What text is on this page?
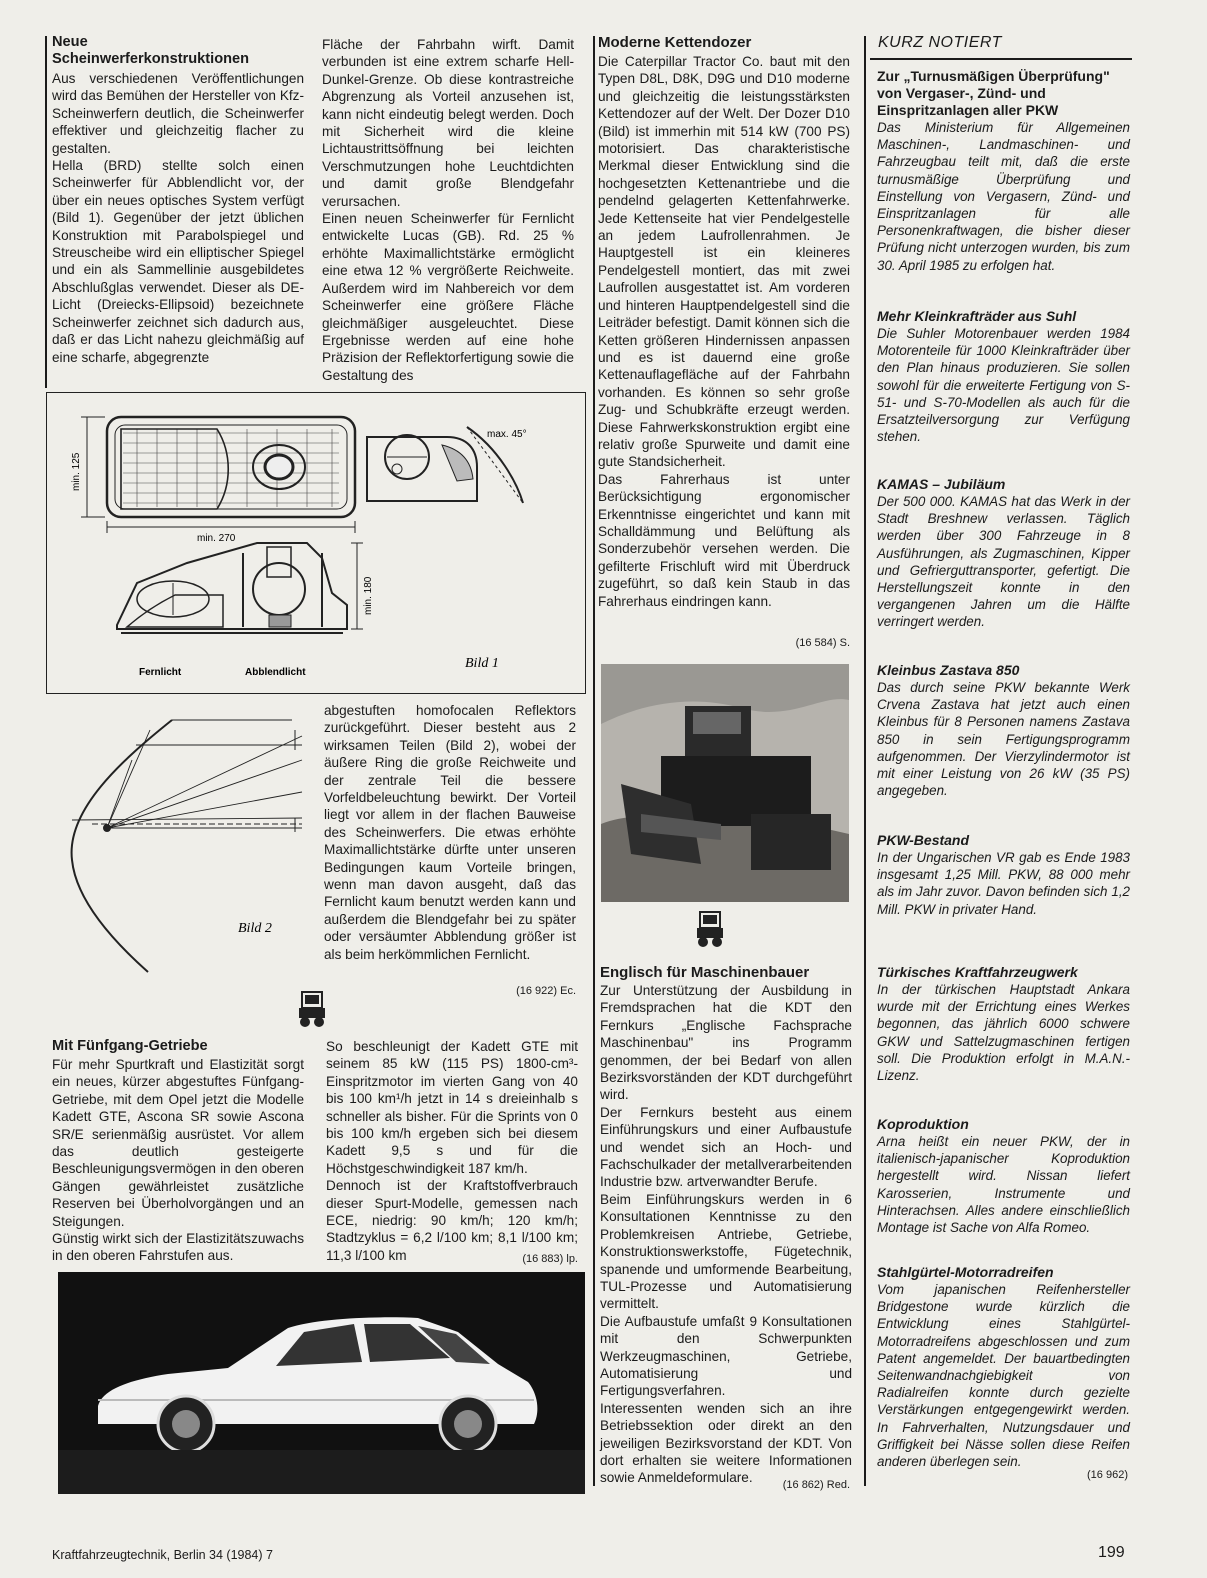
Neue
Scheinwerferkonstruktionen

Aus verschiedenen Veröffentlichungen wird das Bemühen der Hersteller von Kfz-Scheinwerfern deutlich, die Scheinwerfer effektiver und gleichzeitig flacher zu gestalten.
Hella (BRD) stellte solch einen Scheinwerfer für Abblendlicht vor, der über ein neues optisches System verfügt (Bild 1). Gegenüber der jetzt üblichen Konstruktion mit Parabolspiegel und Streuscheibe wird ein elliptischer Spiegel und ein als Sammellinie ausgebildetes Abschlußglas verwendet. Dieser als DE-Licht (Dreiecks-Ellipsoid) bezeichnete Scheinwerfer zeichnet sich dadurch aus, daß er das Licht nahezu gleichmäßig auf eine scharfe, abgegrenzte

Fläche der Fahrbahn wirft. Damit verbunden ist eine extrem scharfe Hell-Dunkel-Grenze. Ob diese kontrastreiche Abgrenzung als Vorteil anzusehen ist, kann nicht eindeutig belegt werden. Doch mit Sicherheit wird die kleine Lichtaustrittsöffnung bei leichten Verschmutzungen hohe Leuchtdichten und damit große Blendgefahr verursachen.
Einen neuen Scheinwerfer für Fernlicht entwickelte Lucas (GB). Rd. 25 % erhöhte Maximallichtstärke ermöglicht eine etwa 12 % vergrößerte Reichweite. Außerdem wird im Nahbereich vor dem Scheinwerfer eine größere Fläche gleichmäßiger ausgeleuchtet. Diese Ergebnisse werden auf eine hohe Präzision der Reflektorfertigung sowie die Gestaltung des

min. 125
min. 270
max. 45°
min. 180
Fernlicht	Abblendlicht
Bild 1
Bild 2

abgestuften homofocalen Reflektors zurückgeführt. Dieser besteht aus 2 wirksamen Teilen (Bild 2), wobei der äußere Ring die große Reichweite und der zentrale Teil die bessere Vorfeldbeleuchtung bewirkt. Der Vorteil liegt vor allem in der flachen Bauweise des Scheinwerfers. Die etwas erhöhte Maximallichtstärke dürfte unter unseren Bedingungen kaum Vorteile bringen, wenn man davon ausgeht, daß das Fernlicht kaum benutzt werden kann und außerdem die Blendgefahr bei zu später oder versäumter Abblendung größer ist als beim herkömmlichen Fernlicht.

(16 922) Ec.
Mit Fünfgang-Getriebe

Für mehr Spurtkraft und Elastizität sorgt ein neues, kürzer abgestuftes Fünfgang-Getriebe, mit dem Opel jetzt die Modelle Kadett GTE, Ascona SR sowie Ascona SR/E serienmäßig ausrüstet. Vor allem das deutlich gesteigerte Beschleunigungsvermögen in den oberen Gängen gewährleistet zusätzliche Reserven bei Überholvorgängen und an Steigungen.
Günstig wirkt sich der Elastizitätszuwachs in den oberen Fahrstufen aus.

So beschleunigt der Kadett GTE mit seinem 85 kW (115 PS) 1800-cm³-Einspritzmotor im vierten Gang von 40 bis 100 km¹/h jetzt in 14 s dreieinhalb s schneller als bisher. Für die Sprints von 0 bis 100 km/h ergeben sich bei diesem Kadett 9,5 s und für die Höchstgeschwindigkeit 187 km/h.
Dennoch ist der Kraftstoffverbrauch dieser Spurt-Modelle, gemessen nach ECE, niedrig: 90 km/h; 120 km/h; Stadtzyklus = 6,2 l/100 km; 8,1 l/100 km; 11,3 l/100 km	(16 883) lp.
Moderne Kettendozer

Die Caterpillar Tractor Co. baut mit den Typen D8L, D8K, D9G und D10 moderne und gleichzeitig die leistungsstärksten Kettendozer auf der Welt. Der Dozer D10 (Bild) ist immerhin mit 514 kW (700 PS) motorisiert. Das charakteristische Merkmal dieser Entwicklung sind die hochgesetzten Kettenantriebe und die pendelnd gelagerten Kettenfahrwerke. Jede Kettenseite hat vier Pendelgestelle an jedem Laufrollenrahmen. Je Hauptgestell ist ein kleineres Pendelgestell montiert, das mit zwei Laufrollen ausgestattet ist. Am vorderen und hinteren Hauptpendelgestell sind die Leiträder befestigt. Damit können sich die Ketten größeren Hindernissen anpassen und es ist dauernd eine große Kettenauflagefläche auf der Fahrbahn vorhanden. Es können so sehr große Zug- und Schubkräfte erzeugt werden. Diese Fahrwerkskonstruktion ergibt eine relativ große Spurweite und damit eine gute Standsicherheit.
Das Fahrerhaus ist unter Berücksichtigung ergonomischer Erkenntnisse eingerichtet und kann mit Schalldämmung und Belüftung als Sonderzubehör versehen werden. Die gefilterte Frischluft wird mit Überdruck zugeführt, so daß kein Staub in das Fahrerhaus eindringen kann.

(16 584) S.
Englisch für Maschinenbauer

Zur Unterstützung der Ausbildung in Fremdsprachen hat die KDT den Fernkurs „Englische Fachsprache Maschinenbau" ins Programm genommen, der bei Bedarf von allen Bezirksvorständen der KDT durchgeführt wird.
Der Fernkurs besteht aus einem Einführungskurs und einer Aufbaustufe und wendet sich an Hoch- und Fachschulkader der metallverarbeitenden Industrie bzw. artverwandter Berufe.
Beim Einführungskurs werden in 6 Konsultationen Kenntnisse zu den Problemkreisen Antriebe, Getriebe, Konstruktionswerkstoffe, Fügetechnik, spanende und umformende Bearbeitung, TUL-Prozesse und Automatisierung vermittelt.
Die Aufbaustufe umfaßt 9 Konsultationen mit den Schwerpunkten Werkzeugmaschinen, Getriebe, Automatisierung und Fertigungsverfahren.
Interessenten wenden sich an ihre Betriebssektion oder direkt an den jeweiligen Bezirksvorstand der KDT. Von dort erhalten sie weitere Informationen sowie Anmeldeformulare.	(16 862) Red.
KURZ NOTIERT
Zur „Turnusmäßigen Überprüfung" von Vergaser-, Zünd- und Einspritzanlagen aller PKW

Das Ministerium für Allgemeinen Maschinen-, Landmaschinen- und Fahrzeugbau teilt mit, daß die erste turnusmäßige Überprüfung und Einstellung von Vergasern, Zünd- und Einspritzanlagen für alle Personenkraftwagen, die bisher dieser Prüfung nicht unterzogen wurden, bis zum 30. April 1985 zu erfolgen hat.

Mehr Kleinkrafträder aus Suhl

Die Suhler Motorenbauer werden 1984 Motorenteile für 1000 Kleinkrafträder über den Plan hinaus produzieren. Sie sollen sowohl für die erweiterte Fertigung von S-51- und S-70-Modellen als auch für die Ersatzteilversorgung zur Verfügung stehen.

KAMAS – Jubiläum

Der 500 000. KAMAS hat das Werk in der Stadt Breshnew verlassen. Täglich werden über 300 Fahrzeuge in 8 Ausführungen, als Zugmaschinen, Kipper und Gefrierguttransporter, gefertigt. Die Herstellungszeit konnte in den vergangenen Jahren um die Hälfte verringert werden.

Kleinbus Zastava 850

Das durch seine PKW bekannte Werk Crvena Zastava hat jetzt auch einen Kleinbus für 8 Personen namens Zastava 850 in sein Fertigungsprogramm aufgenommen. Der Vierzylindermotor ist mit einer Leistung von 26 kW (35 PS) angegeben.

PKW-Bestand

In der Ungarischen VR gab es Ende 1983 insgesamt 1,25 Mill. PKW, 88 000 mehr als im Jahr zuvor. Davon befinden sich 1,2 Mill. PKW in privater Hand.

Türkisches Kraftfahrzeugwerk

In der türkischen Hauptstadt Ankara wurde mit der Errichtung eines Werkes begonnen, das jährlich 6000 schwere GKW und Sattelzugmaschinen fertigen soll. Die Produktion erfolgt in M.A.N.-Lizenz.

Koproduktion

Arna heißt ein neuer PKW, der in italienisch-japanischer Koproduktion hergestellt wird. Nissan liefert Karosserien, Instrumente und Hinterachsen. Alles andere einschließlich Montage ist Sache von Alfa Romeo.

Stahlgürtel-Motorradreifen

Vom japanischen Reifenhersteller Bridgestone wurde kürzlich die Entwicklung eines Stahlgürtel-Motorradreifens abgeschlossen und zum Patent angemeldet. Der bauartbedingten Seitenwandnachgiebigkeit von Radialreifen konnte durch gezielte Verstärkungen entgegengewirkt werden. In Fahrverhalten, Nutzungsdauer und Griffigkeit bei Nässe sollen diese Reifen anderen überlegen sein.

(16 962)
Kraftfahrzeugtechnik, Berlin 34 (1984) 7	199
